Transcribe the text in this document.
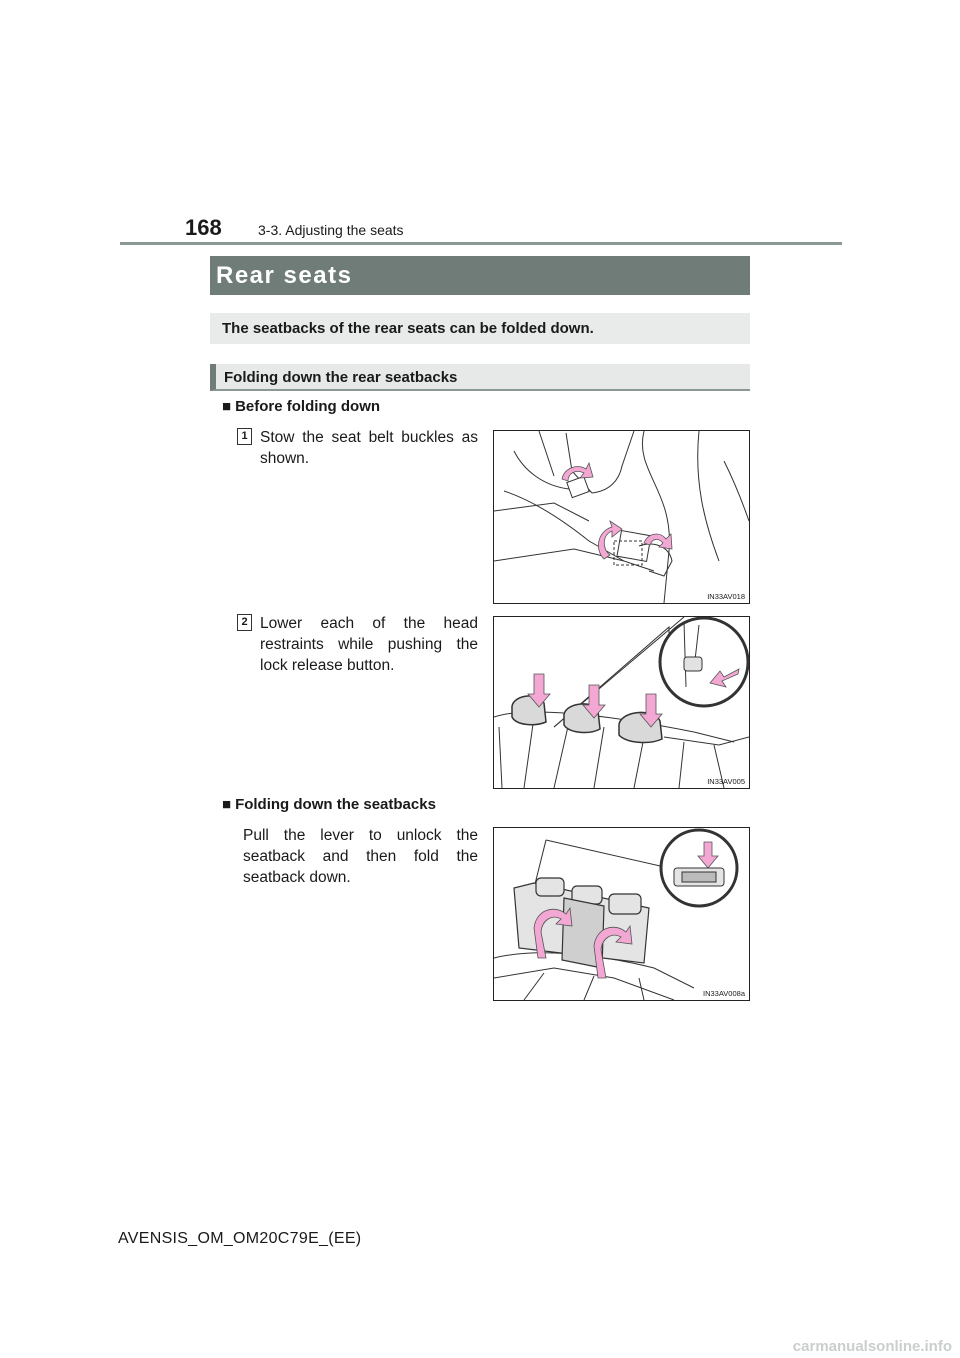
168	3-3. Adjusting the seats
Rear seats
The seatbacks of the rear seats can be folded down.
Folding down the rear seatbacks
■ Before folding down
1 Stow the seat belt buckles as shown.
IN33AV018
2 Lower each of the head restraints while pushing the lock release button.
IN33AV005
■ Folding down the seatbacks
Pull the lever to unlock the seatback and then fold the seatback down.
IN33AV008a
AVENSIS_OM_OM20C79E_(EE)
carmanualsonline.info
